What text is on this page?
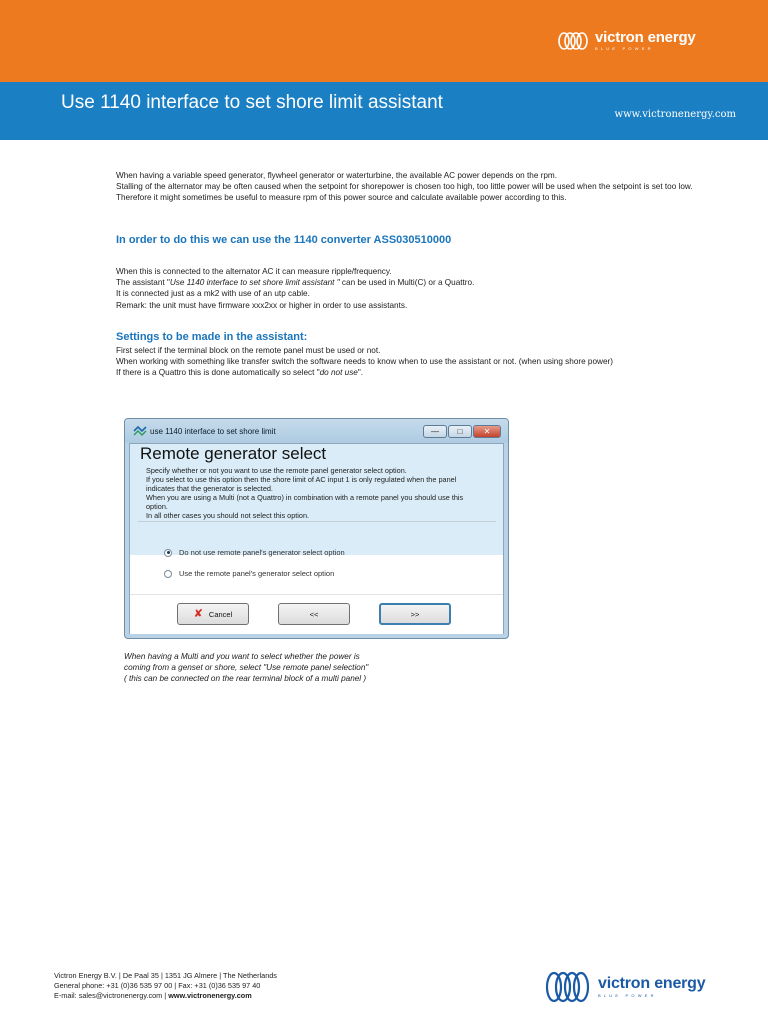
victron energy
BLUE POWER
Use 1140 interface to set shore limit assistant
www.victronenergy.com

When having a variable speed generator, flywheel generator or waterturbine, the available AC power depends on the rpm.

Stalling of the alternator may be often caused when the setpoint for shorepower is chosen too high, too little power will be used when the setpoint is set too low.

Therefore it might sometimes be useful to measure rpm of this power source and calculate available power according to this.

In order to do this we can use the 1140 converter ASS030510000

When this is connected to the alternator AC it can measure ripple/frequency.

The assistant "Use 1140 interface to set shore limit assistant " can be used in Multi(C) or a Quattro.

It is connected just as a mk2 with use of an utp cable.

Remark: the unit must have firmware xxx2xx or higher in order to use assistants.

Settings to be made in the assistant:

First select if the terminal block on the remote panel must be used or not.

When working with something like transfer switch the software needs to know when to use the assistant or not. (when using shore power)

If there is a Quattro this is done automatically so select "do not use".

use 1140 interface to set shore limit	—	□	✕
Remote generator select
Specify whether or not you want to use the remote panel generator select option.
If you select to use this option then the shore limit of AC input 1 is only regulated when the panel indicates that the generator is selected.
When you are using a Multi (not a Quattro) in combination with a remote panel you should use this option.
In all other cases you should not select this option.
Do not use remote panel's generator select option
Use the remote panel's generator select option
✘ Cancel	<<	>>

When having a Multi and you want to select whether the power is

coming from a genset or shore, select "Use remote panel selection"

( this can be connected on the rear terminal block of a multi panel )

Victron Energy B.V. | De Paal 35 | 1351 JG Almere | The Netherlands

General phone: +31 (0)36 535 97 00 | Fax: +31 (0)36 535 97 40

E-mail: sales@victronenergy.com | www.victronenergy.com

victron energy
BLUE POWER
